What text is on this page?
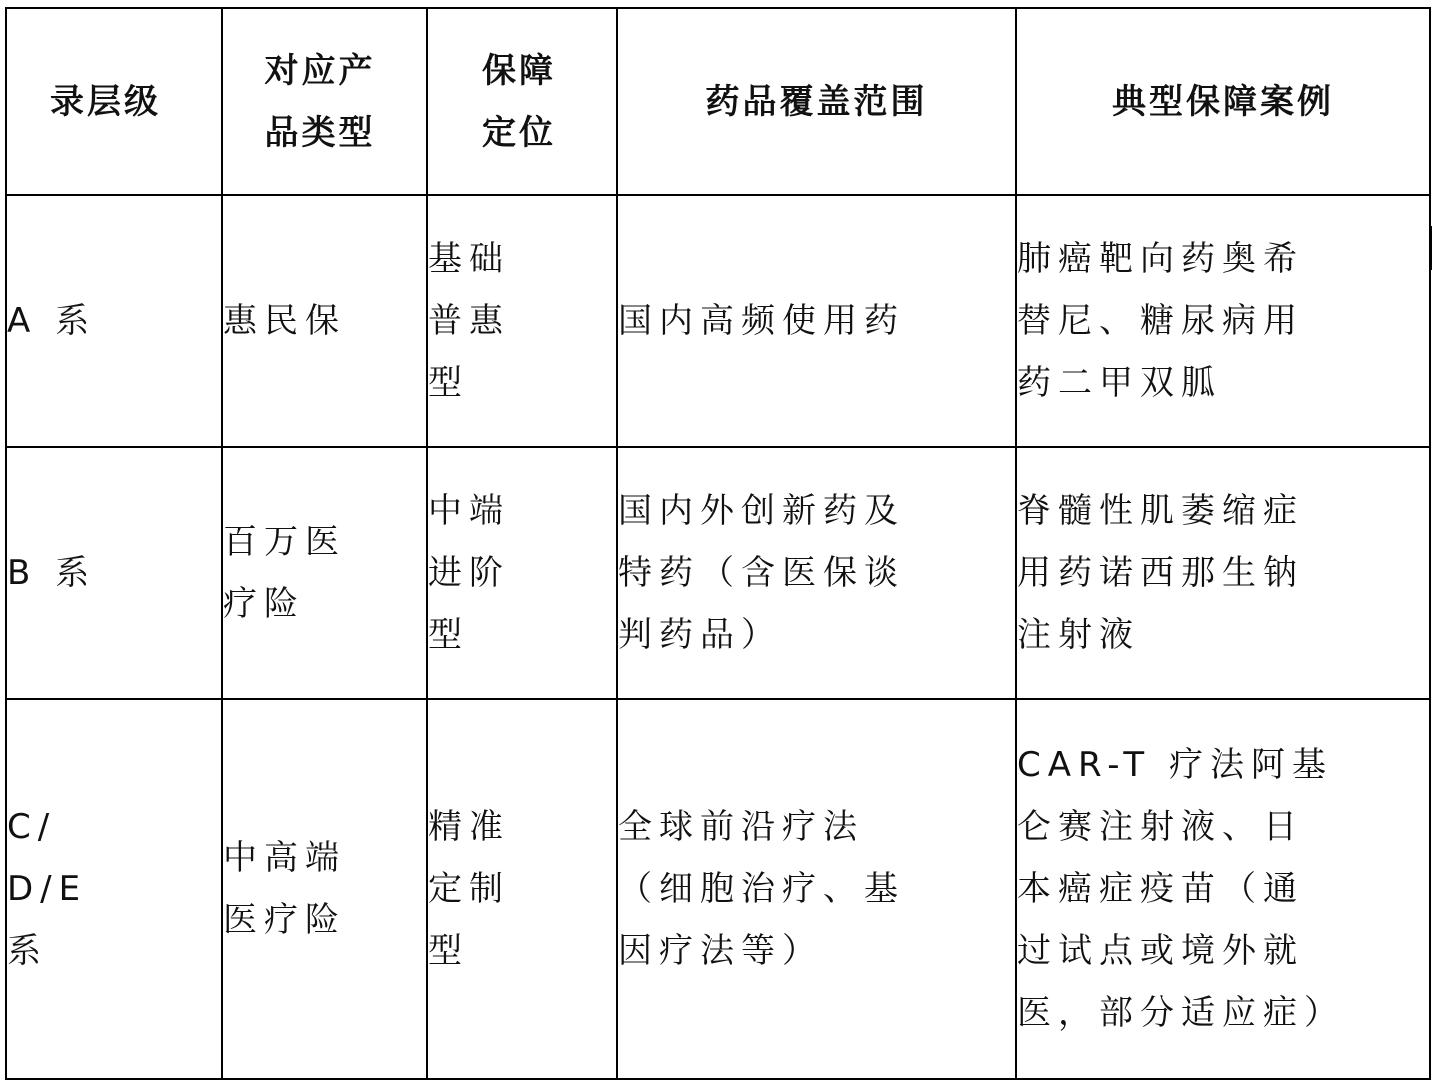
录层级	对应产品类型	保障定位	药品覆盖范围	典型保障案例

A 系	惠民保	基础普惠型	国内高频使用药	肺癌靶向药奥希替尼、糖尿病用药二甲双胍

B 系	百万医疗险	中端进阶型	国内外创新药及特药（含医保谈判药品）	脊髓性肌萎缩症用药诺西那生钠注射液

C/D/E 系	中高端医疗险	精准定制型	全球前沿疗法（细胞治疗、基因疗法等）	CAR-T 疗法阿基仑赛注射液、日本癌症疫苗（通过试点或境外就医，部分适应症）
